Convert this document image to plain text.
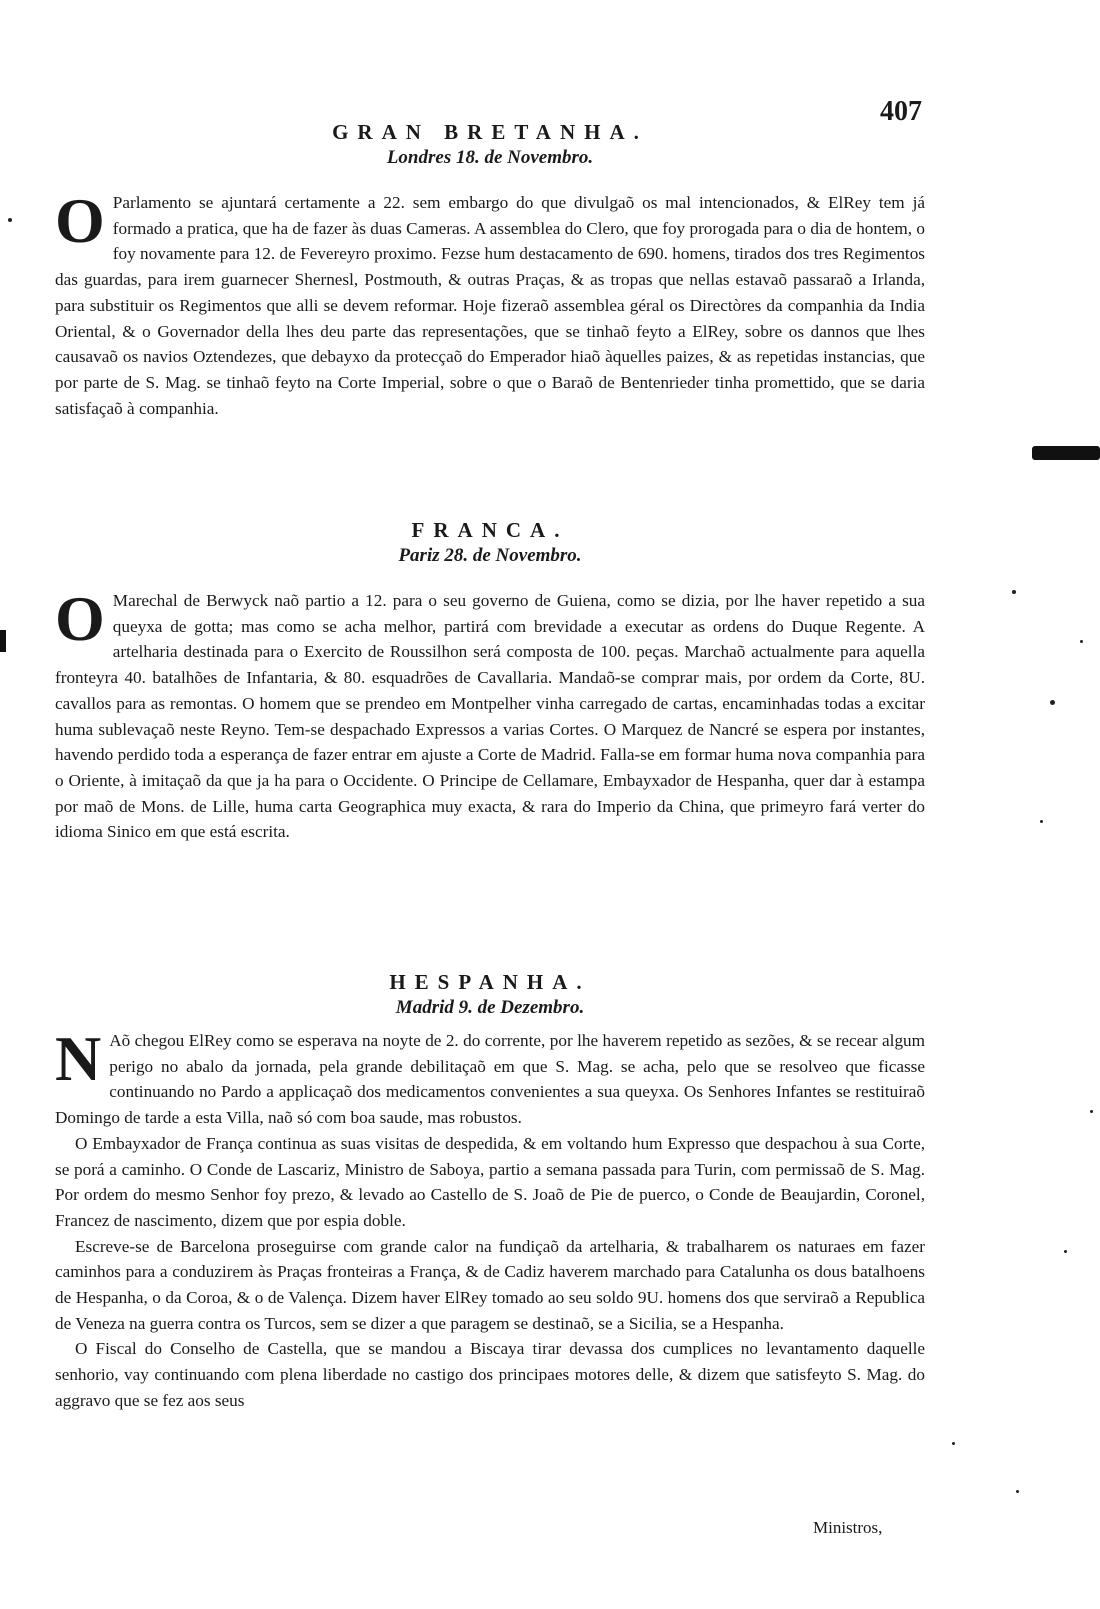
407
GRAN BRETANHA.
Londres 18. de Novembro.

O Parlamento se ajuntará certamente a 22. sem embargo do que divulgaõ os mal intencionados, & ElRey tem já formado a pratica, que ha de fazer às duas Cameras. A assemblea do Clero, que foy prorogada para o dia de hontem, o foy novamente para 12. de Fevereyro proximo. Fezse hum destacamento de 690. homens, tirados dos tres Regimentos das guardas, para irem guarnecer Shernesl, Postmouth, & outras Praças, & as tropas que nellas estavaõ passaraõ a Irlanda, para substituir os Regimentos que alli se devem reformar. Hoje fizeraõ assemblea géral os Directòres da companhia da India Oriental, & o Governador della lhes deu parte das representações, que se tinhaõ feyto a ElRey, sobre os dannos que lhes causavaõ os navios Oztendezes, que debayxo da protecçaõ do Emperador hiaõ àquelles paizes, & as repetidas instancias, que por parte de S. Mag. se tinhaõ feyto na Corte Imperial, sobre o que o Baraõ de Bentenrieder tinha promettido, que se daria satisfaçaõ à companhia.

FRANCA.
Pariz 28. de Novembro.

O Marechal de Berwyck naõ partio a 12. para o seu governo de Guiena, como se dizia, por lhe haver repetido a sua queyxa de gotta; mas como se acha melhor, partirá com brevidade a executar as ordens do Duque Regente. A artelharia destinada para o Exercito de Roussilhon será composta de 100. peças. Marchaõ actualmente para aquella fronteyra 40. batalhões de Infantaria, & 80. esquadrões de Cavallaria. Mandaõ-se comprar mais, por ordem da Corte, 8U. cavallos para as remontas. O homem que se prendeo em Montpelher vinha carregado de cartas, encaminhadas todas a excitar huma sublevaçaõ neste Reyno. Tem-se despachado Expressos a varias Cortes. O Marquez de Nancré se espera por instantes, havendo perdido toda a esperança de fazer entrar em ajuste a Corte de Madrid. Falla-se em formar huma nova companhia para o Oriente, à imitaçaõ da que ja ha para o Occidente. O Principe de Cellamare, Embayxador de Hespanha, quer dar à estampa por maõ de Mons. de Lille, huma carta Geographica muy exacta, & rara do Imperio da China, que primeyro fará verter do idioma Sinico em que está escrita.

HESPANHA.
Madrid 9. de Dezembro.

N Aõ chegou ElRey como se esperava na noyte de 2. do corrente, por lhe haverem repetido as sezões, & se recear algum perigo no abalo da jornada, pela grande debilitaçaõ em que S. Mag. se acha, pelo que se resolveo que ficasse continuando no Pardo a applicaçaõ dos medicamentos convenientes a sua queyxa. Os Senhores Infantes se restituiraõ Domingo de tarde a esta Villa, naõ só com boa saude, mas robustos.

O Embayxador de França continua as suas visitas de despedida, & em voltando hum Expresso que despachou à sua Corte, se porá a caminho. O Conde de Lascariz, Ministro de Saboya, partio a semana passada para Turin, com permissaõ de S. Mag. Por ordem do mesmo Senhor foy prezo, & levado ao Castello de S. Joaõ de Pie de puerco, o Conde de Beaujardin, Coronel, Francez de nascimento, dizem que por espia doble.

Escreve-se de Barcelona proseguirse com grande calor na fundiçaõ da artelharia, & trabalharem os naturaes em fazer caminhos para a conduzirem às Praças fronteiras a França, & de Cadiz haverem marchado para Catalunha os dous batalhoens de Hespanha, o da Coroa, & o de Valença. Dizem haver ElRey tomado ao seu soldo 9U. homens dos que serviraõ a Republica de Veneza na guerra contra os Turcos, sem se dizer a que paragem se destinaõ, se a Sicilia, se a Hespanha.

O Fiscal do Conselho de Castella, que se mandou a Biscaya tirar devassa dos cumplices no levantamento daquelle senhorio, vay continuando com plena liberdade no castigo dos principaes motores delle, & dizem que satisfeyto S. Mag. do aggravo que se fez aos seus

Ministros,
